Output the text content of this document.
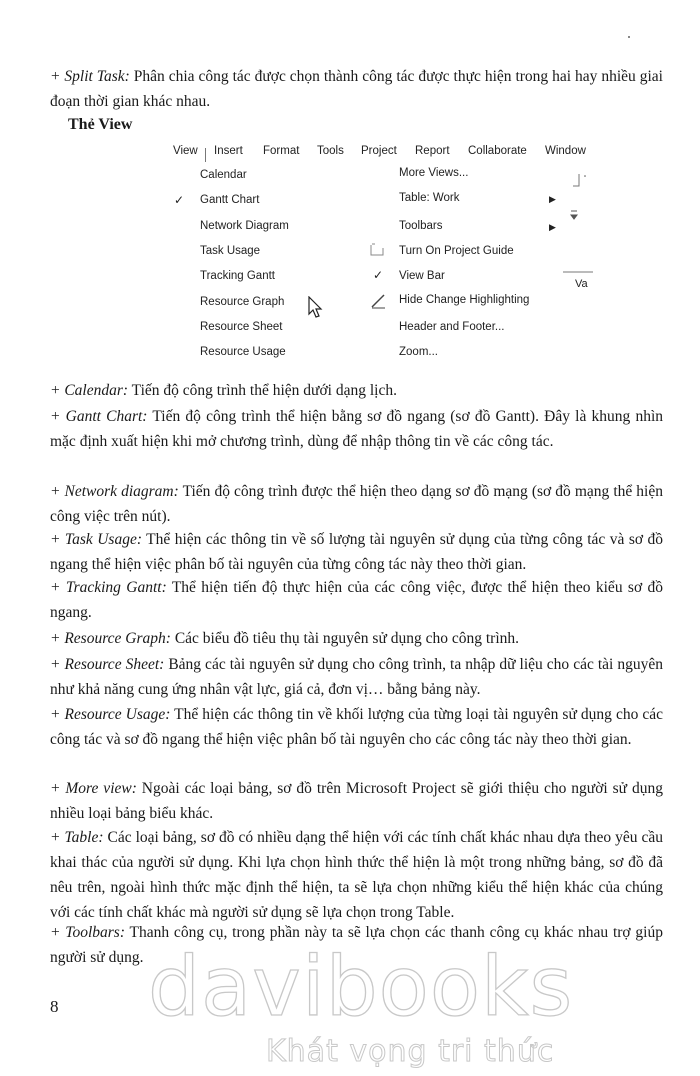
+ Split Task: Phân chia công tác được chọn thành công tác được thực hiện trong hai hay nhiều giai đoạn thời gian khác nhau.

Thẻ View
View Insert Format Tools Project Report Collaborate Window
Calendar
✓ Gantt Chart
Network Diagram
Task Usage
Tracking Gantt
Resource Graph
Resource Sheet
Resource Usage
More Views...
Table: Work	▶
Toolbars	▶
Turn On Project Guide
✓ View Bar
Hide Change Highlighting
Header and Footer...
Zoom...
Va

+ Calendar: Tiến độ công trình thể hiện dưới dạng lịch.

+ Gantt Chart: Tiến độ công trình thể hiện bằng sơ đồ ngang (sơ đồ Gantt). Đây là khung nhìn mặc định xuất hiện khi mở chương trình, dùng để nhập thông tin về các công tác.

+ Network diagram: Tiến độ công trình được thể hiện theo dạng sơ đồ mạng (sơ đồ mạng thể hiện công việc trên nút).

+ Task Usage: Thể hiện các thông tin về số lượng tài nguyên sử dụng của từng công tác và sơ đồ ngang thể hiện việc phân bố tài nguyên của từng công tác này theo thời gian.

+ Tracking Gantt: Thể hiện tiến độ thực hiện của các công việc, được thể hiện theo kiểu sơ đồ ngang.

+ Resource Graph: Các biểu đồ tiêu thụ tài nguyên sử dụng cho công trình.

+ Resource Sheet: Bảng các tài nguyên sử dụng cho công trình, ta nhập dữ liệu cho các tài nguyên như khả năng cung ứng nhân vật lực, giá cả, đơn vị… bằng bảng này.

+ Resource Usage: Thể hiện các thông tin về khối lượng của từng loại tài nguyên sử dụng cho các công tác và sơ đồ ngang thể hiện việc phân bố tài nguyên cho các công tác này theo thời gian.

+ More view: Ngoài các loại bảng, sơ đồ trên Microsoft Project sẽ giới thiệu cho người sử dụng nhiều loại bảng biểu khác.

+ Table: Các loại bảng, sơ đồ có nhiều dạng thể hiện với các tính chất khác nhau dựa theo yêu cầu khai thác của người sử dụng. Khi lựa chọn hình thức thể hiện là một trong những bảng, sơ đồ đã nêu trên, ngoài hình thức mặc định thể hiện, ta sẽ lựa chọn những kiểu thể hiện khác của chúng với các tính chất khác mà người sử dụng sẽ lựa chọn trong Table.

+ Toolbars: Thanh công cụ, trong phần này ta sẽ lựa chọn các thanh công cụ khác nhau trợ giúp người sử dụng. davibooks
Khát vọng tri thức
8
